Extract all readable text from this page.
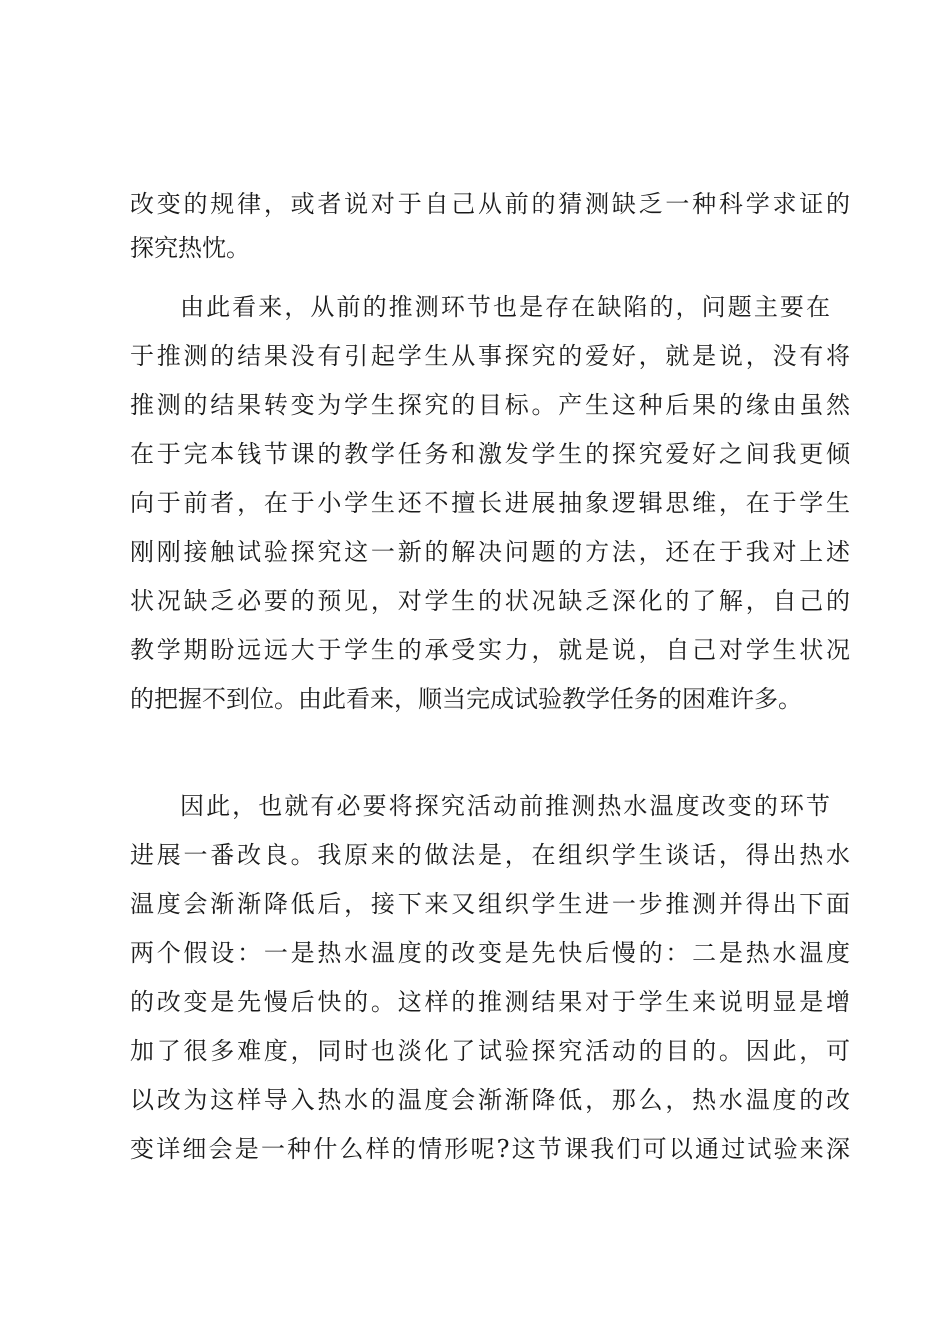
改变的规律，或者说对于自己从前的猜测缺乏一种科学求证的
探究热忱。
由此看来，从前的推测环节也是存在缺陷的，问题主要在
于推测的结果没有引起学生从事探究的爱好，就是说，没有将
推测的结果转变为学生探究的目标。产生这种后果的缘由虽然
在于完本钱节课的教学任务和激发学生的探究爱好之间我更倾
向于前者，在于小学生还不擅长进展抽象逻辑思维，在于学生
刚刚接触试验探究这一新的解决问题的方法，还在于我对上述
状况缺乏必要的预见，对学生的状况缺乏深化的了解，自己的
教学期盼远远大于学生的承受实力，就是说，自己对学生状况
的把握不到位。由此看来，顺当完成试验教学任务的困难许多。
因此，也就有必要将探究活动前推测热水温度改变的环节
进展一番改良。我原来的做法是，在组织学生谈话，得出热水
温度会渐渐降低后，接下来又组织学生进一步推测并得出下面
两个假设：一是热水温度的改变是先快后慢的：二是热水温度
的改变是先慢后快的。这样的推测结果对于学生来说明显是增
加了很多难度，同时也淡化了试验探究活动的目的。因此，可
以改为这样导入热水的温度会渐渐降低，那么，热水温度的改
变详细会是一种什么样的情形呢?这节课我们可以通过试验来深
